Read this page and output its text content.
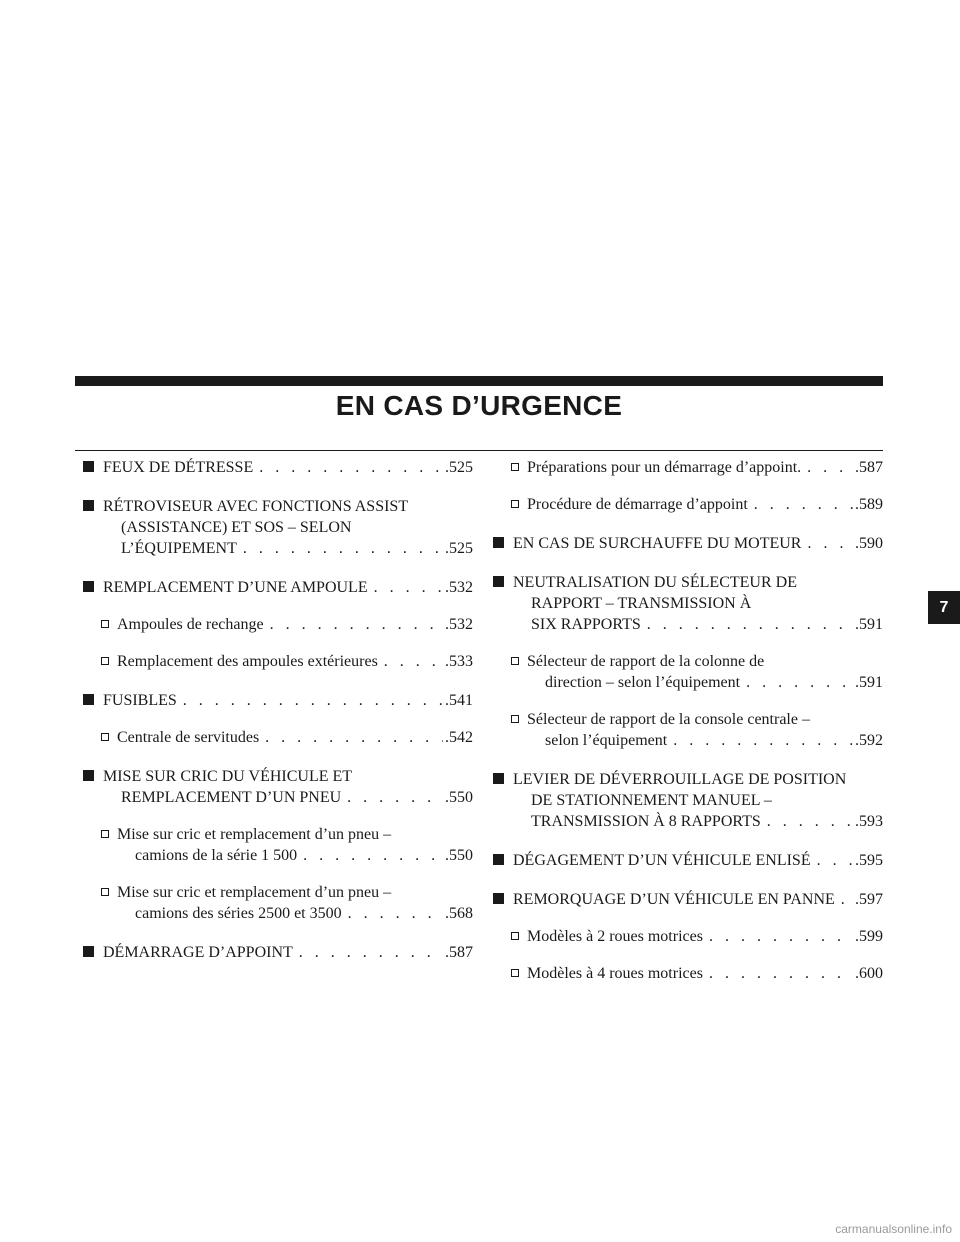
EN CAS D’URGENCE
FEUX DE DÉTRESSE . . .	.525
RÉTROVISEUR AVEC FONCTIONS ASSIST
(ASSISTANCE) ET SOS – SELON
L’ÉQUIPEMENT . . .	.525
REMPLACEMENT D’UNE AMPOULE . . .	.532
Ampoules de rechange . . .	.532
Remplacement des ampoules extérieures . . .	.533
FUSIBLES . . .	.541
Centrale de servitudes . . .	.542
MISE SUR CRIC DU VÉHICULE ET
REMPLACEMENT D’UN PNEU . . .	.550
Mise sur cric et remplacement d’un pneu –
camions de la série 1 500 . . .	.550
Mise sur cric et remplacement d’un pneu –
camions des séries 2500 et 3500 . . .	.568
DÉMARRAGE D’APPOINT . . .	.587
Préparations pour un démarrage d’appoint. . . .	.587
Procédure de démarrage d’appoint . . .	.589
EN CAS DE SURCHAUFFE DU MOTEUR . . .	.590
NEUTRALISATION DU SÉLECTEUR DE
RAPPORT – TRANSMISSION À
SIX RAPPORTS . . .	.591
Sélecteur de rapport de la colonne de
direction – selon l’équipement . . .	.591
Sélecteur de rapport de la console centrale –
selon l’équipement . . .	.592
LEVIER DE DÉVERROUILLAGE DE POSITION
DE STATIONNEMENT MANUEL –
TRANSMISSION À 8 RAPPORTS . . .	.593
DÉGAGEMENT D’UN VÉHICULE ENLISÉ . . .	.595
REMORQUAGE D’UN VÉHICULE EN PANNE . . . .597
Modèles à 2 roues motrices . . .	.599
Modèles à 4 roues motrices . . .	.600
7
carmanualsonline.info
